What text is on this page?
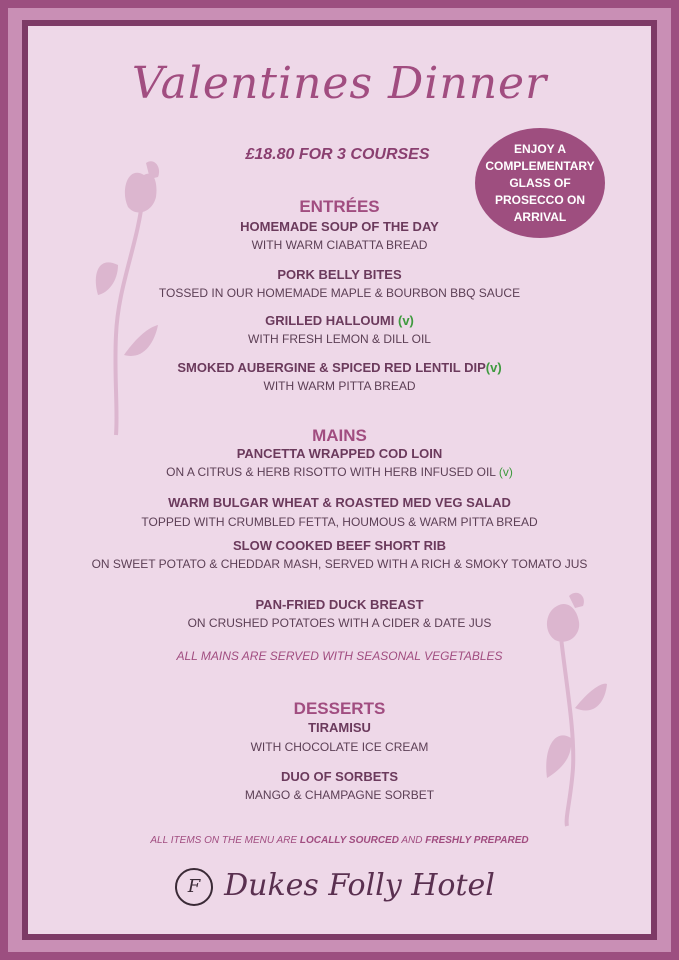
Valentines Dinner
£18.80 FOR 3 COURSES	ENJOY A COMPLEMENTARY GLASS OF PROSECCO ON ARRIVAL
ENTRÉES
HOMEMADE SOUP OF THE DAY
WITH WARM CIABATTA BREAD
PORK BELLY BITES
TOSSED IN OUR HOMEMADE MAPLE & BOURBON BBQ SAUCE
GRILLED HALLOUMI (v)
WITH FRESH LEMON & DILL OIL
SMOKED AUBERGINE & SPICED RED LENTIL DIP(v)
WITH WARM PITTA BREAD
MAINS
PANCETTA WRAPPED COD LOIN
ON A CITRUS & HERB RISOTTO WITH HERB INFUSED OIL (v)
WARM BULGAR WHEAT & ROASTED MED VEG SALAD
TOPPED WITH CRUMBLED FETTA, HOUMOUS & WARM PITTA BREAD
SLOW COOKED BEEF SHORT RIB
ON SWEET POTATO & CHEDDAR MASH, SERVED WITH A RICH & SMOKY TOMATO JUS
PAN-FRIED DUCK BREAST
ON CRUSHED POTATOES WITH A CIDER & DATE JUS
ALL MAINS ARE SERVED WITH SEASONAL VEGETABLES
DESSERTS
TIRAMISU
WITH CHOCOLATE ICE CREAM
DUO OF SORBETS
MANGO & CHAMPAGNE SORBET
ALL ITEMS ON THE MENU ARE LOCALLY SOURCED AND FRESHLY PREPARED
F Dukes Folly Hotel
